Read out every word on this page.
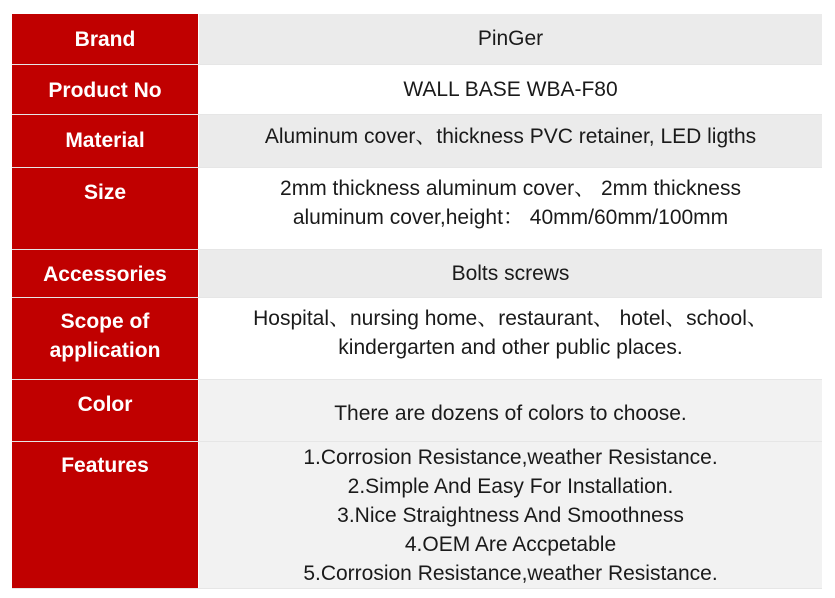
Brand	PinGer

Product No	WALL BASE WBA-F80

Material	Aluminum cover、thickness PVC retainer, LED ligths

Size	2mm thickness aluminum cover、 2mm thickness
aluminum cover,height： 40mm/60mm/100mm

Accessories	Bolts screws

Scope of
application	Hospital、nursing home、restaurant、 hotel、school、
kindergarten and other public places.

Color	There are dozens of colors to choose.

Features	1.Corrosion Resistance,weather Resistance.
2.Simple And Easy For Installation.
3.Nice Straightness And Smoothness
4.OEM Are Accpetable
5.Corrosion Resistance,weather Resistance.
